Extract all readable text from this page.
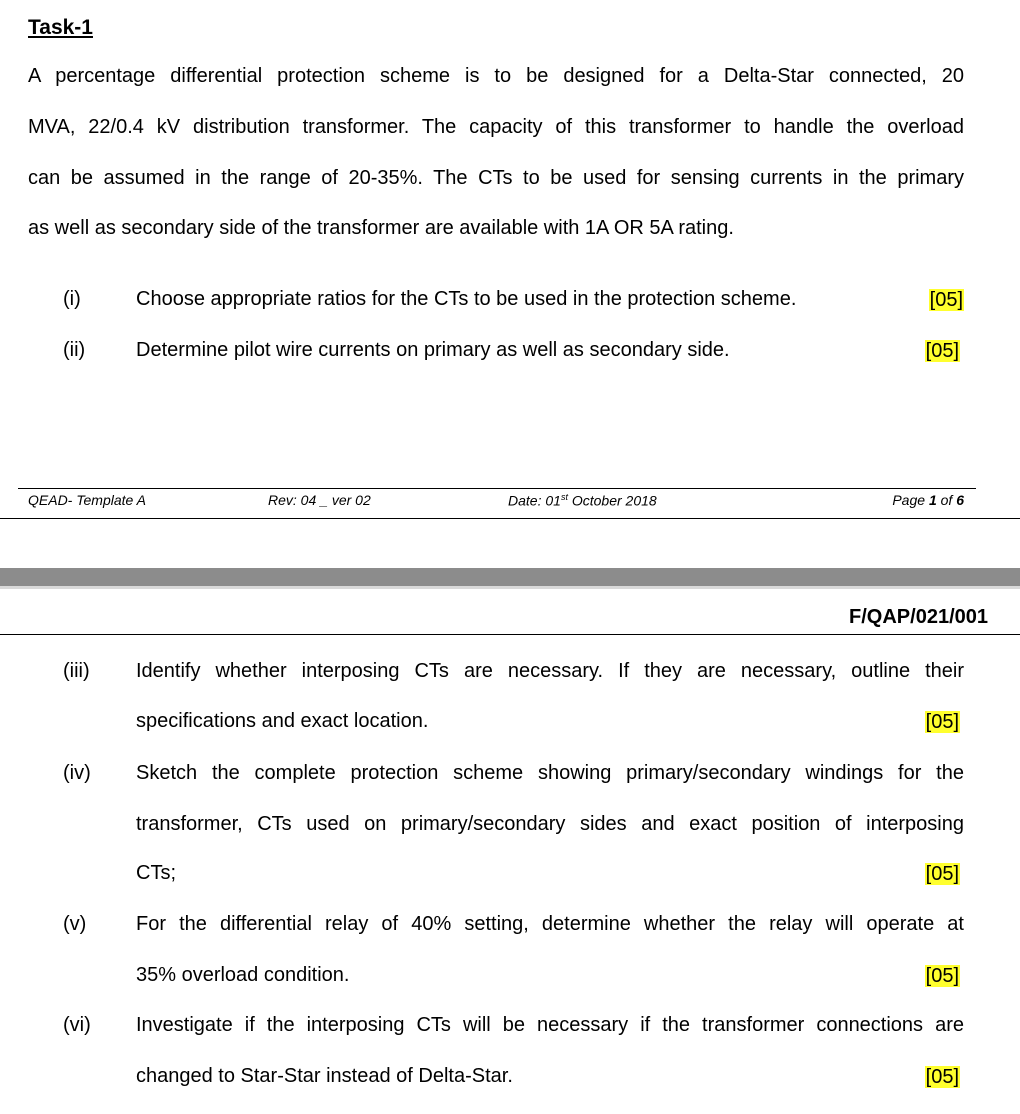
Task-1
A percentage differential protection scheme is to be designed for a Delta-Star connected, 20
MVA, 22/0.4 kV distribution transformer. The capacity of this transformer to handle the overload
can be assumed in the range of 20-35%. The CTs to be used for sensing currents in the primary
as well as secondary side of the transformer are available with 1A OR 5A rating.
(i)	Choose appropriate ratios for the CTs to be used in the protection scheme.	[05]
(ii)	Determine pilot wire currents on primary as well as secondary side.	[05]
QEAD- Template A	Rev: 04 _ ver 02	Date: 01st October 2018	Page 1 of 6
F/QAP/021/001
(iii) Identify whether interposing CTs are necessary. If they are necessary, outline their
specifications and exact location.	[05]
(iv) Sketch the complete protection scheme showing primary/secondary windings for the
transformer, CTs used on primary/secondary sides and exact position of interposing
CTs;	[05]
(v) For the differential relay of 40% setting, determine whether the relay will operate at
35% overload condition.	[05]
(vi) Investigate if the interposing CTs will be necessary if the transformer connections are
changed to Star-Star instead of Delta-Star.	[05]
